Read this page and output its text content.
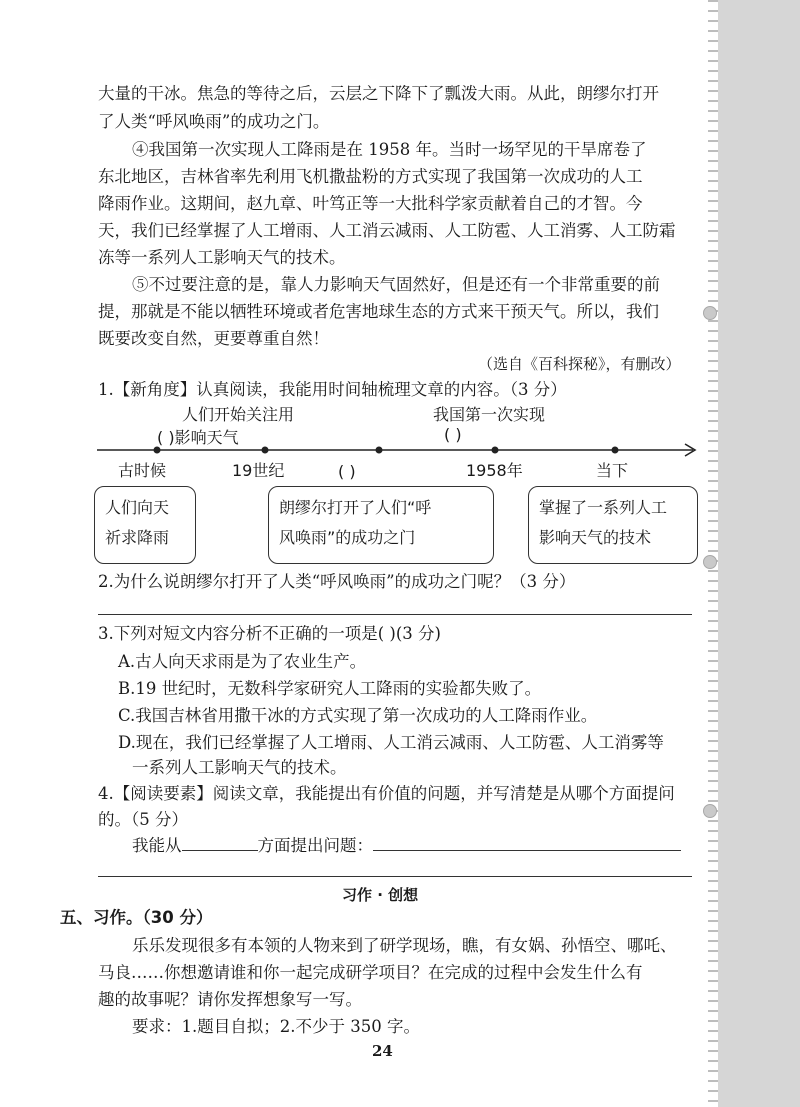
大量的干冰。焦急的等待之后，云层之下降下了瓢泼大雨。从此，朗缪尔打开
了人类“呼风唤雨”的成功之门。
④我国第一次实现人工降雨是在 1958 年。当时一场罕见的干旱席卷了
东北地区，吉林省率先利用飞机撒盐粉的方式实现了我国第一次成功的人工
降雨作业。这期间，赵九章、叶笃正等一大批科学家贡献着自己的才智。今
天，我们已经掌握了人工增雨、人工消云减雨、人工防雹、人工消雾、人工防霜
冻等一系列人工影响天气的技术。
⑤不过要注意的是，靠人力影响天气固然好，但是还有一个非常重要的前
提，那就是不能以牺牲环境或者危害地球生态的方式来干预天气。所以，我们
既要改变自然，更要尊重自然！
（选自《百科探秘》，有删改）
1.【新角度】认真阅读，我能用时间轴梳理文章的内容。（3 分）
人们开始关注用
( )影响天气
我国第一次实现
( )
古时候	19世纪	( )	1958年	当下
人们向天
祈求降雨
朗缪尔打开了人们“呼
风唤雨”的成功之门
掌握了一系列人工
影响天气的技术
2.为什么说朗缪尔打开了人类“呼风唤雨”的成功之门呢？（3 分）
3.下列对短文内容分析不正确的一项是( )(3 分)
A.古人向天求雨是为了农业生产。
B.19 世纪时，无数科学家研究人工降雨的实验都失败了。
C.我国吉林省用撒干冰的方式实现了第一次成功的人工降雨作业。
D.现在，我们已经掌握了人工增雨、人工消云减雨、人工防雹、人工消雾等
一系列人工影响天气的技术。
4.【阅读要素】阅读文章，我能提出有价值的问题，并写清楚是从哪个方面提问
的。（5 分）
我能从	方面提出问题：
习作 · 创想
五、习作。（30 分）
乐乐发现很多有本领的人物来到了研学现场，瞧，有女娲、孙悟空、哪吒、
马良……你想邀请谁和你一起完成研学项目？在完成的过程中会发生什么有
趣的故事呢？请你发挥想象写一写。
要求：1.题目自拟；2.不少于 350 字。
24
